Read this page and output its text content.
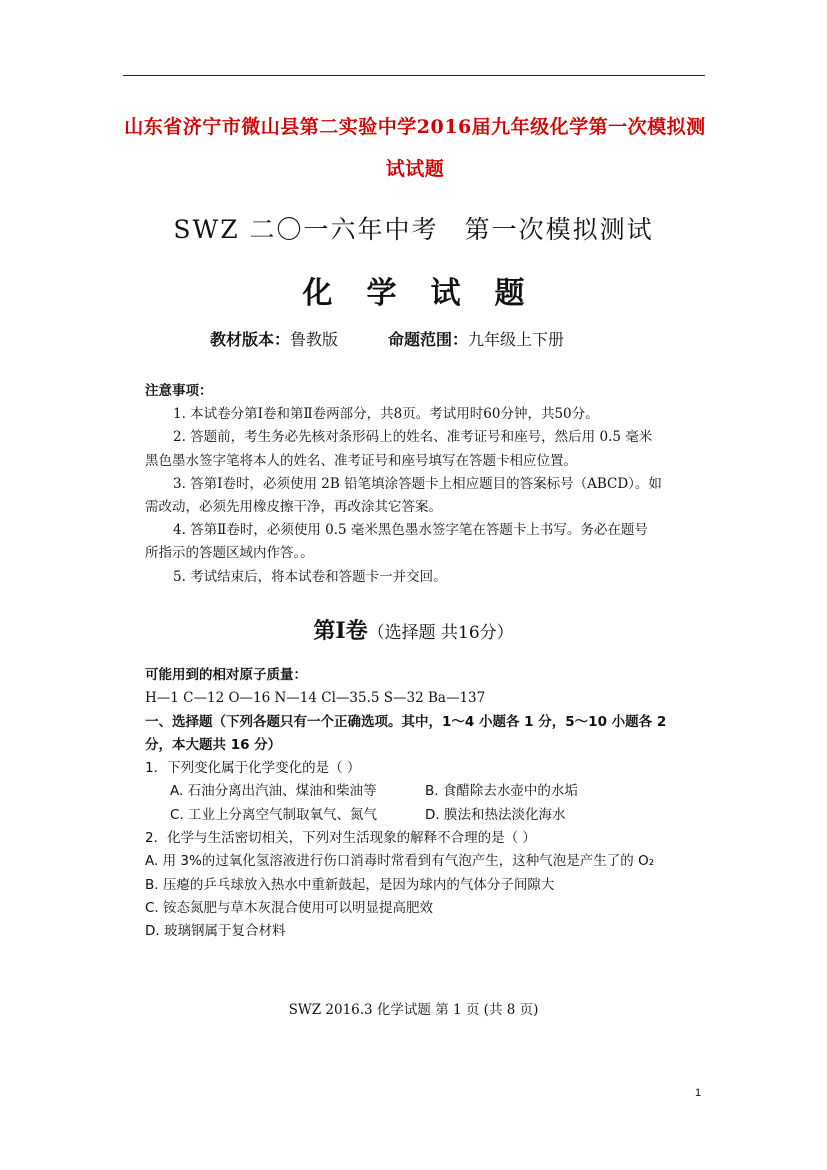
山东省济宁市微山县第二实验中学2016届九年级化学第一次模拟测
试试题
SWZ 二〇一六年中考 第一次模拟测试
化学试题
教材版本：鲁教版	命题范围：九年级上下册
注意事项：
1. 本试卷分第Ⅰ卷和第Ⅱ卷两部分，共8页。考试用时60分钟，共50分。
2. 答题前，考生务必先核对条形码上的姓名、准考证号和座号，然后用 0.5 毫米
黑色墨水签字笔将本人的姓名、准考证号和座号填写在答题卡相应位置。
3. 答第Ⅰ卷时，必须使用 2B 铅笔填涂答题卡上相应题目的答案标号（ABCD）。如
需改动，必须先用橡皮擦干净，再改涂其它答案。
4. 答第Ⅱ卷时，必须使用 0.5 毫米黑色墨水签字笔在答题卡上书写。务必在题号
所指示的答题区域内作答。。
5. 考试结束后，将本试卷和答题卡一并交回。
第Ⅰ卷（选择题 共16分）
可能用到的相对原子质量：
H—1 C—12 O—16 N—14 Cl—35.5 S—32 Ba—137
一、选择题（下列各题只有一个正确选项。其中，1～4 小题各 1 分，5～10 小题各 2
分，本大题共 16 分）
1．下列变化属于化学变化的是（ ）
A. 石油分离出汽油、煤油和柴油等	B. 食醋除去水壶中的水垢
C. 工业上分离空气制取氧气、氮气	D. 膜法和热法淡化海水
2．化学与生活密切相关，下列对生活现象的解释不合理的是（ ）
A. 用 3%的过氧化氢溶液进行伤口消毒时常看到有气泡产生，这种气泡是产生了的 O₂
B. 压瘪的乒乓球放入热水中重新鼓起，是因为球内的气体分子间隙大
C. 铵态氮肥与草木灰混合使用可以明显提高肥效
D. 玻璃钢属于复合材料
SWZ 2016.3 化学试题 第 1 页 (共 8 页)
1
